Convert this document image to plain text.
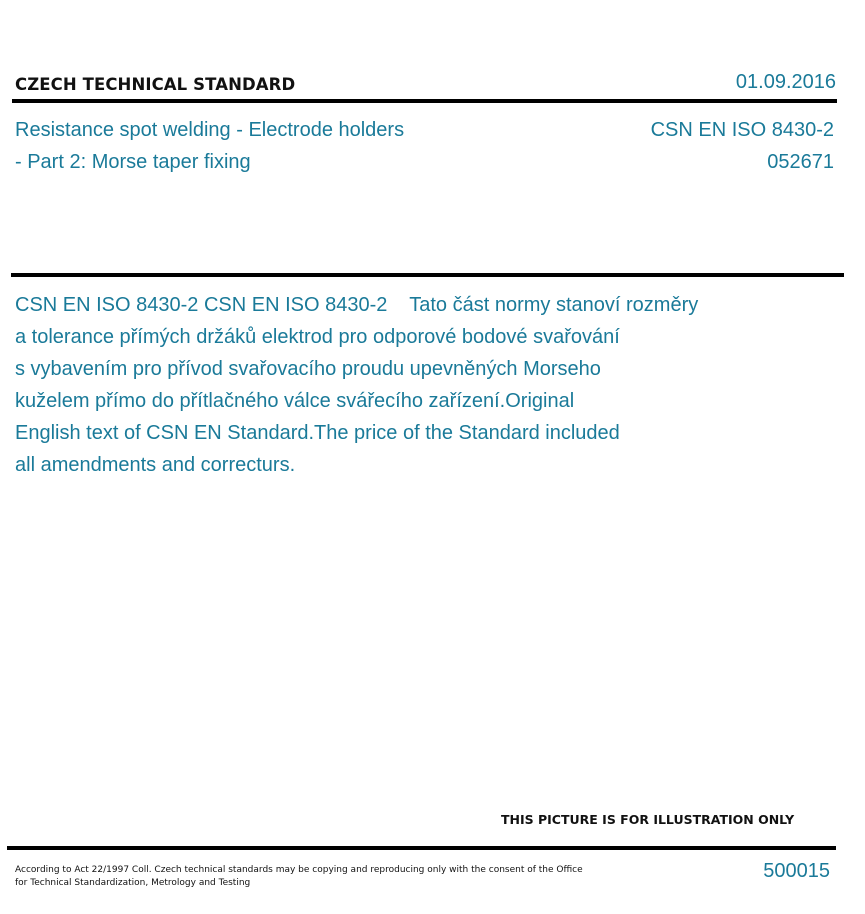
CZECH TECHNICAL STANDARD	01.09.2016
Resistance spot welding - Electrode holders
- Part 2: Morse taper fixing
CSN EN ISO 8430-2
052671
CSN EN ISO 8430-2 CSN EN ISO 8430-2    Tato část normy stanoví rozměry
a tolerance přímých držáků elektrod pro odporové bodové svařování
s vybavením pro přívod svařovacího proudu upevněných Morseho
kuželem přímo do přítlačného válce svářecího zařízení.Original
English text of CSN EN Standard.The price of the Standard included
all amendments and correcturs.
THIS PICTURE IS FOR ILLUSTRATION ONLY
According to Act 22/1997 Coll. Czech technical standards may be copying and reproducing only with the consent of the Office
for Technical Standardization, Metrology and Testing
500015
